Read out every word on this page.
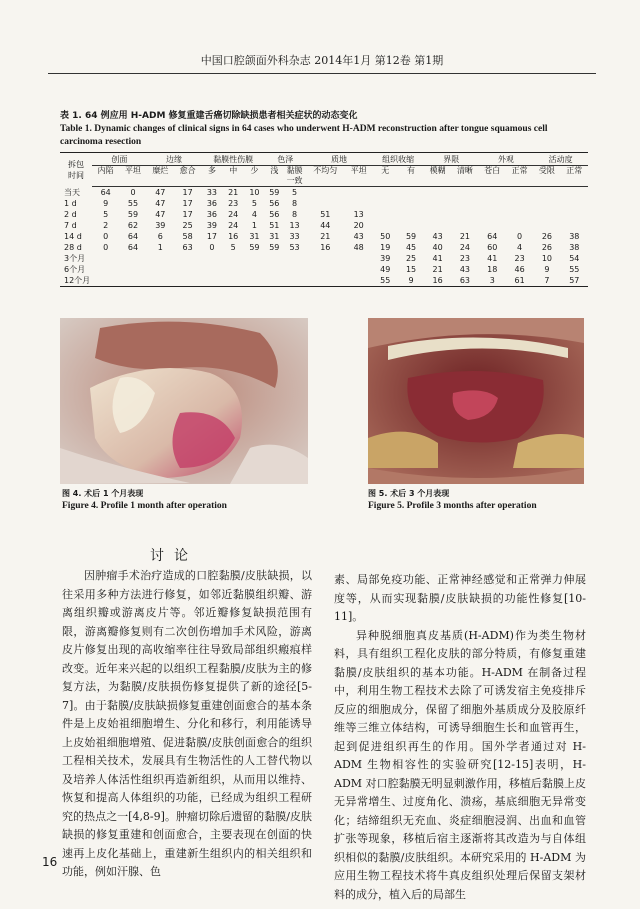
中国口腔颌面外科杂志 2014年1月 第12卷 第1期
表 1. 64 例应用 H-ADM 修复重建舌癌切除缺损患者相关症状的动态变化
Table 1. Dynamic changes of clinical signs in 64 cases who underwent H-ADM reconstruction after tongue squamous cell carcinoma resection
拆包时间	创面		边缘		黏膜性伤膜			色泽		质地		组织收缩		界限		外观		活动度	
	内陷	平坦	糜烂	愈合	多	中	少	浅	黏膜一致	不均匀	平坦	无	有	模糊	清晰	苍白	正常	受限	正常
当天	64	0	47	17	33	21	10	59	5										
1 d	9	55	47	17	36	23	5	56	8										
2 d	5	59	47	17	36	24	4	56	8	51	13								
7 d	2	62	39	25	39	24	1	51	13	44	20								
14 d	0	64	6	58	17	16	31	31	33	21	43	50	59	43	21	64	0	26	38
28 d	0	64	1	63	0	5	59	59	53	16	48	19	45	40	24	60	4	26	38
3个月												39	25	41	23	41	23	10	54
6个月												49	15	21	43	18	46	9	55
12个月												55	9	16	63	3	61	7	57
图 4. 术后 1 个月表现
Figure 4. Profile 1 month after operation
图 5. 术后 3 个月表现
Figure 5. Profile 3 months after operation
讨论

因肿瘤手术治疗造成的口腔黏膜/皮肤缺损，以往采用多种方法进行修复，如邻近黏膜组织瓣、游离组织瓣或游离皮片等。邻近瓣修复缺损范围有限，游离瓣修复则有二次创伤增加手术风险，游离皮片修复出现的高收缩率往往导致局部组织瘢痕样改变。近年来兴起的以组织工程黏膜/皮肤为主的修复方法，为黏膜/皮肤损伤修复提供了新的途径[5-7]。由于黏膜/皮肤缺损修复重建创面愈合的基本条件是上皮始祖细胞增生、分化和移行，利用能诱导上皮始祖细胞增殖、促进黏膜/皮肤创面愈合的组织工程相关技术，发展具有生物活性的人工替代物以及培养人体活性组织再造新组织，从而用以维持、恢复和提高人体组织的功能，已经成为组织工程研究的热点之一[4,8-9]。肿瘤切除后遗留的黏膜/皮肤缺损的修复重建和创面愈合，主要表现在创面的快速再上皮化基础上，重建新生组织内的相关组织和功能，例如汗腺、色

素、局部免疫功能、正常神经感觉和正常弹力伸展度等，从而实现黏膜/皮肤缺损的功能性修复[10-11]。

异种脱细胞真皮基质(H-ADM)作为类生物材料，具有组织工程化皮肤的部分特质，有修复重建黏膜/皮肤组织的基本功能。H-ADM 在制备过程中，利用生物工程技术去除了可诱发宿主免疫排斥反应的细胞成分，保留了细胞外基质成分及胶原纤维等三维立体结构，可诱导细胞生长和血管再生，起到促进组织再生的作用。国外学者通过对 H-ADM 生物相容性的实验研究[12-15]表明，H-ADM 对口腔黏膜无明显刺激作用，移植后黏膜上皮无异常增生、过度角化、溃疡，基底细胞无异常变化；结缔组织无充血、炎症细胞浸润、出血和血管扩张等现象，移植后宿主逐渐将其改造为与自体组织相似的黏膜/皮肤组织。本研究采用的 H-ADM 为应用生物工程技术将牛真皮组织处理后保留支架材料的成分，植入后的局部生

16
